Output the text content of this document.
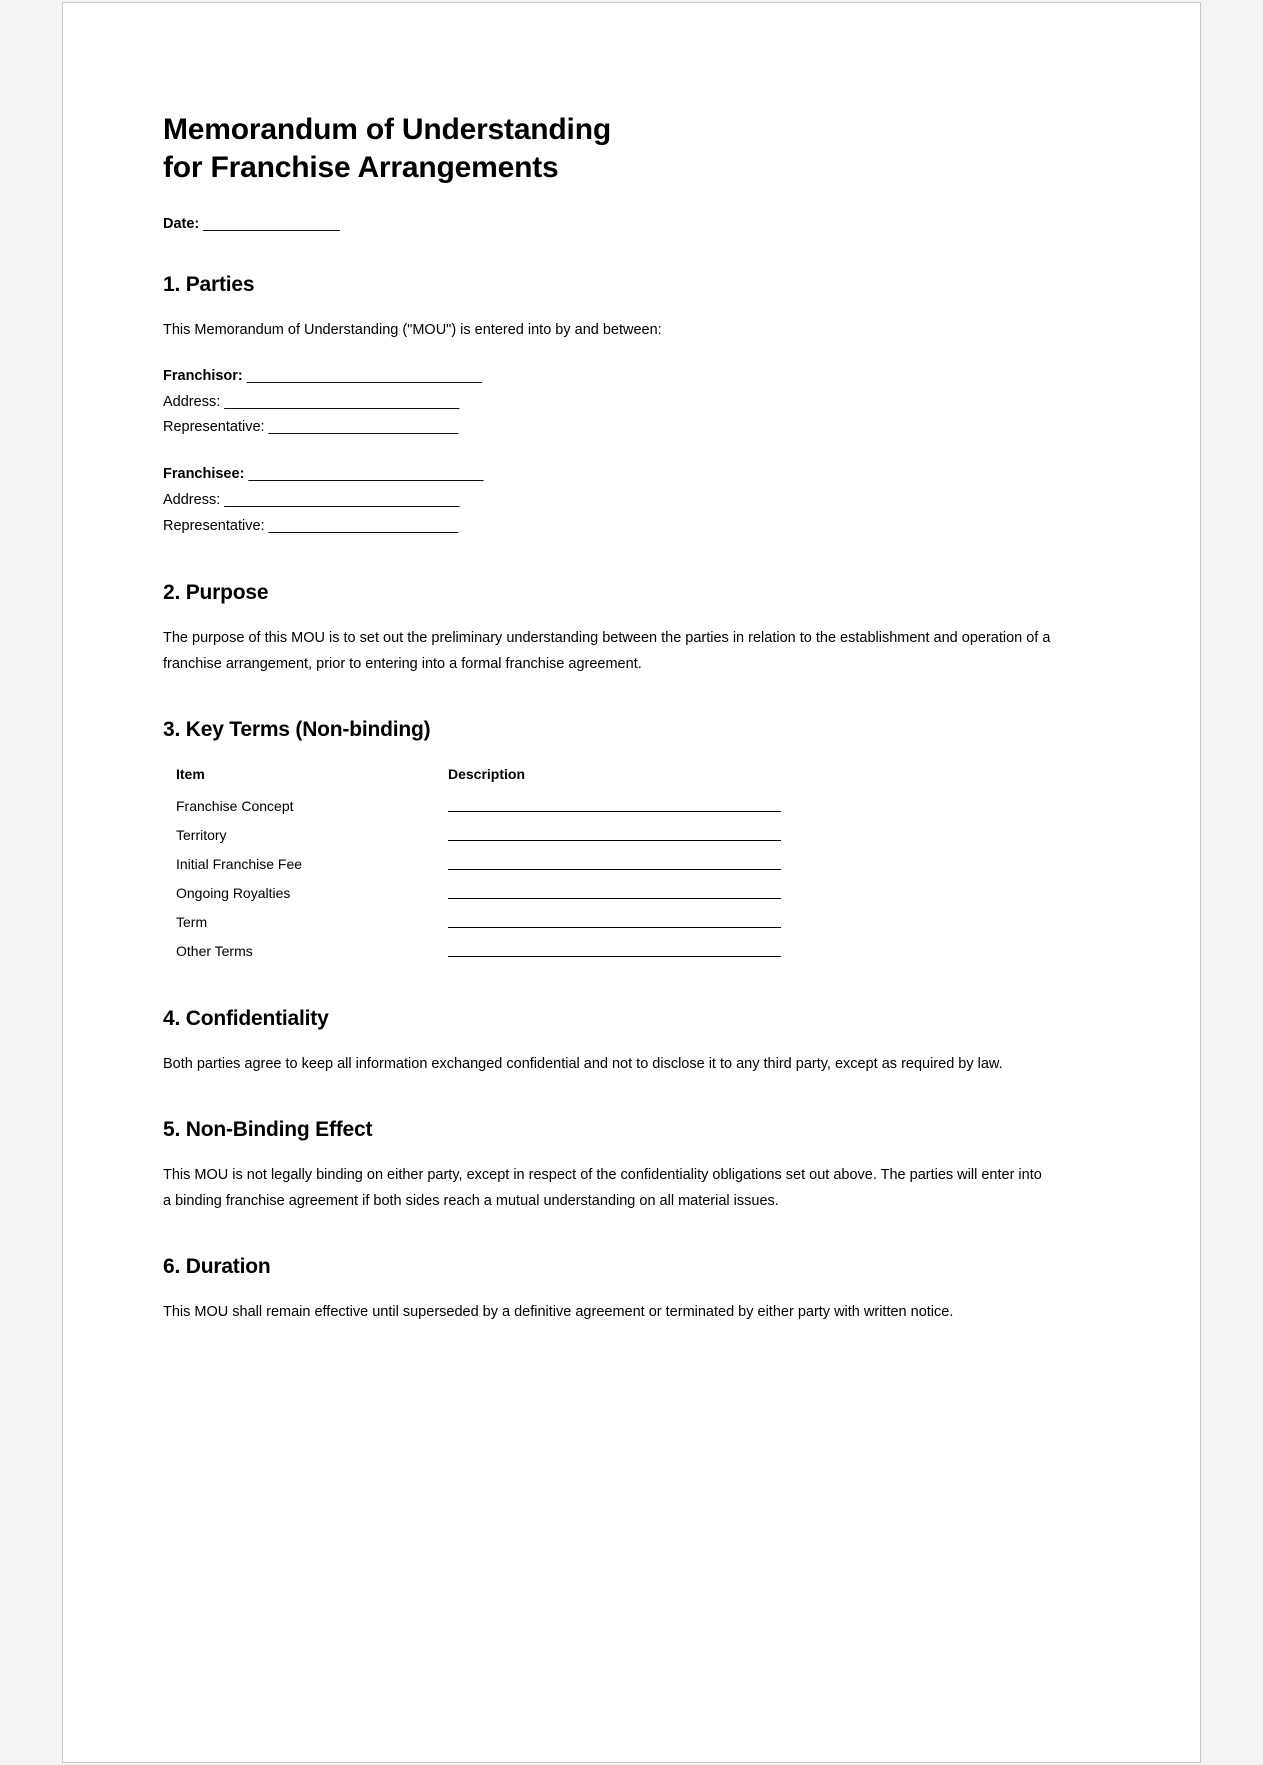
Memorandum of Understanding
for Franchise Arrangements
Date: __________________
1. Parties

This Memorandum of Understanding ("MOU") is entered into by and between:

Franchisor: _______________________________
Address: _______________________________
Representative: _________________________
Franchisee: _______________________________
Address: _______________________________
Representative: _________________________
2. Purpose

The purpose of this MOU is to set out the preliminary understanding between the parties in relation to the establishment and operation of a franchise arrangement, prior to entering into a formal franchise agreement.

3. Key Terms (Non-binding)
Item	Description
Franchise Concept	

Territory	

Initial Franchise Fee	

Ongoing Royalties	

Term	

Other Terms	
4. Confidentiality

Both parties agree to keep all information exchanged confidential and not to disclose it to any third party, except as required by law.

5. Non-Binding Effect

This MOU is not legally binding on either party, except in respect of the confidentiality obligations set out above. The parties will enter into a binding franchise agreement if both sides reach a mutual understanding on all material issues.

6. Duration

This MOU shall remain effective until superseded by a definitive agreement or terminated by either party with written notice.
